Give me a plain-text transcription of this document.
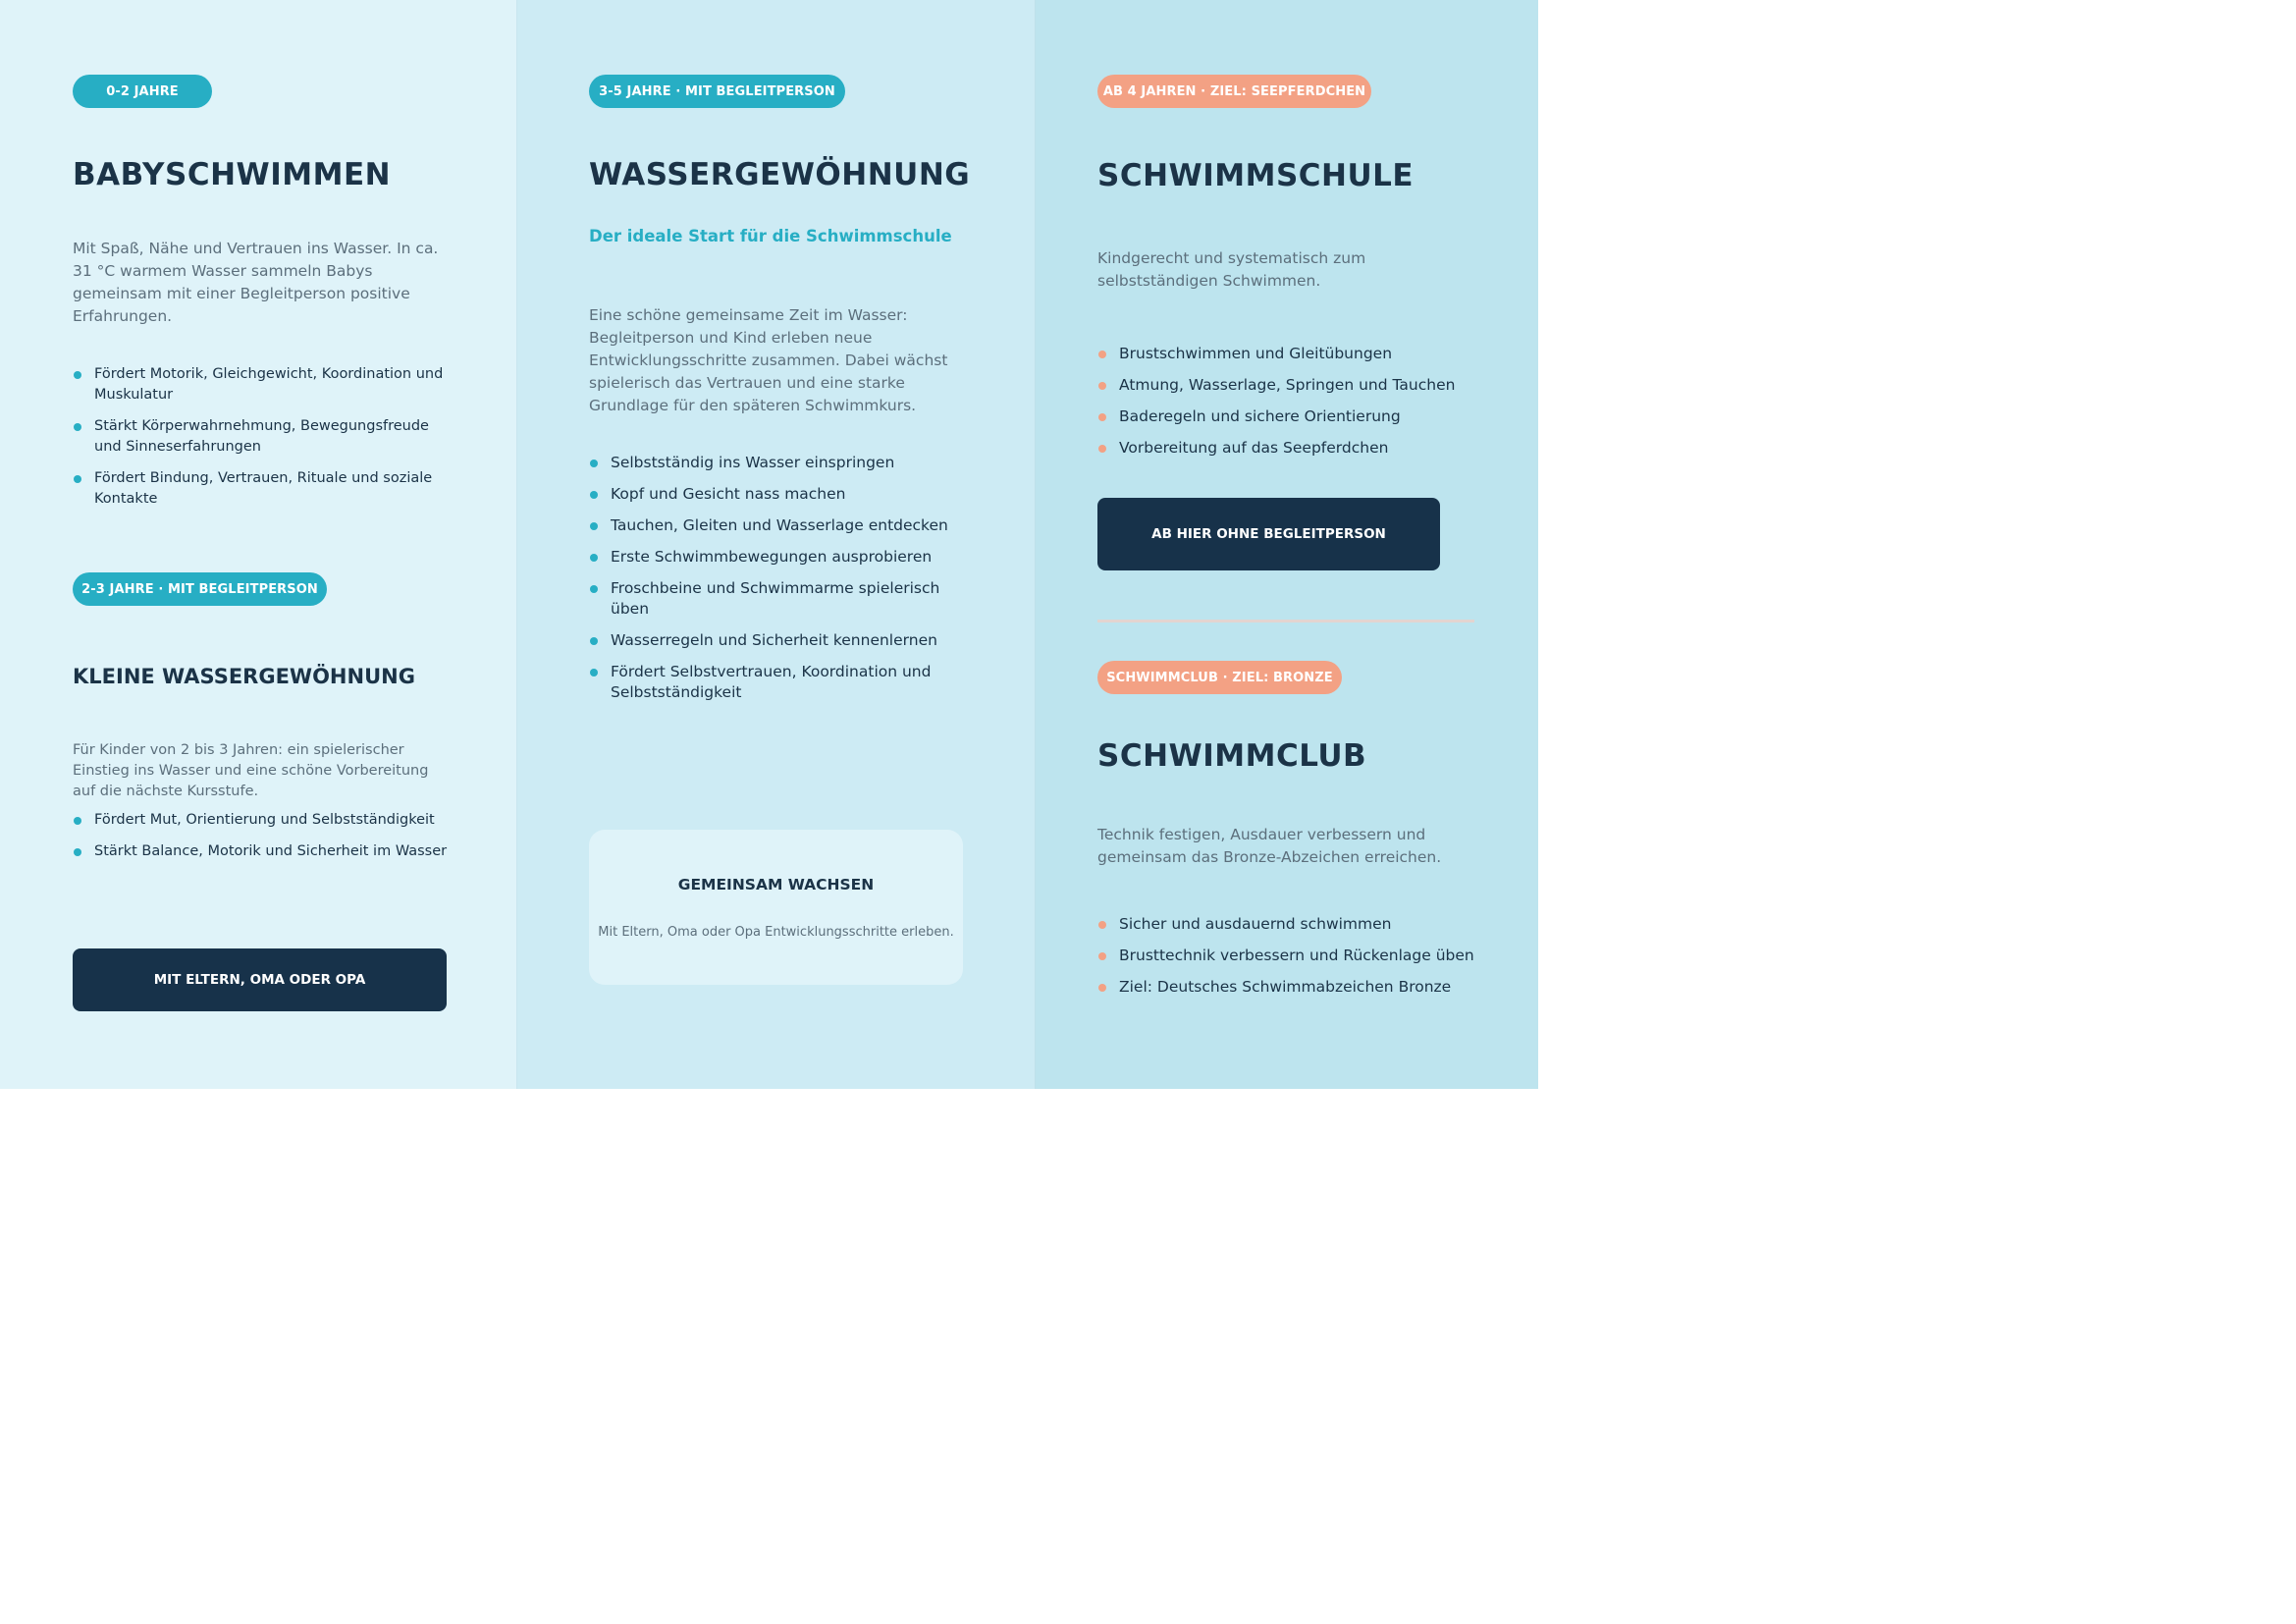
0-2 JAHRE
BABYSCHWIMMEN

Mit Spaß, Nähe und Vertrauen ins Wasser. In ca. 31 °C warmem Wasser sammeln Babys gemeinsam mit einer Begleitperson positive Erfahrungen.

Fördert Motorik, Gleichgewicht, Koordination und Muskulatur
Stärkt Körperwahrnehmung, Bewegungsfreude und Sinneserfahrungen
Fördert Bindung, Vertrauen, Rituale und soziale Kontakte
2-3 JAHRE · MIT BEGLEITPERSON
KLEINE WASSERGEWÖHNUNG

Für Kinder von 2 bis 3 Jahren: ein spielerischer Einstieg ins Wasser und eine schöne Vorbereitung auf die nächste Kursstufe.

Fördert Mut, Orientierung und Selbstständigkeit
Stärkt Balance, Motorik und Sicherheit im Wasser
MIT ELTERN, OMA ODER OPA
3-5 JAHRE · MIT BEGLEITPERSON
WASSERGEWÖHNUNG
Der ideale Start für die Schwimmschule

Eine schöne gemeinsame Zeit im Wasser: Begleitperson und Kind erleben neue Entwicklungsschritte zusammen. Dabei wächst spielerisch das Vertrauen und eine starke Grundlage für den späteren Schwimmkurs.

Selbstständig ins Wasser einspringen
Kopf und Gesicht nass machen
Tauchen, Gleiten und Wasserlage entdecken
Erste Schwimmbewegungen ausprobieren
Froschbeine und Schwimmarme spielerisch üben
Wasserregeln und Sicherheit kennenlernen
Fördert Selbstvertrauen, Koordination und Selbstständigkeit
GEMEINSAM WACHSEN
Mit Eltern, Oma oder Opa Entwicklungsschritte erleben.
AB 4 JAHREN · ZIEL: SEEPFERDCHEN
SCHWIMMSCHULE

Kindgerecht und systematisch zum selbstständigen Schwimmen.

Brustschwimmen und Gleitübungen
Atmung, Wasserlage, Springen und Tauchen
Baderegeln und sichere Orientierung
Vorbereitung auf das Seepferdchen
AB HIER OHNE BEGLEITPERSON
SCHWIMMCLUB · ZIEL: BRONZE
SCHWIMMCLUB

Technik festigen, Ausdauer verbessern und gemeinsam das Bronze-Abzeichen erreichen.

Sicher und ausdauernd schwimmen
Brusttechnik verbessern und Rückenlage üben
Ziel: Deutsches Schwimmabzeichen Bronze
